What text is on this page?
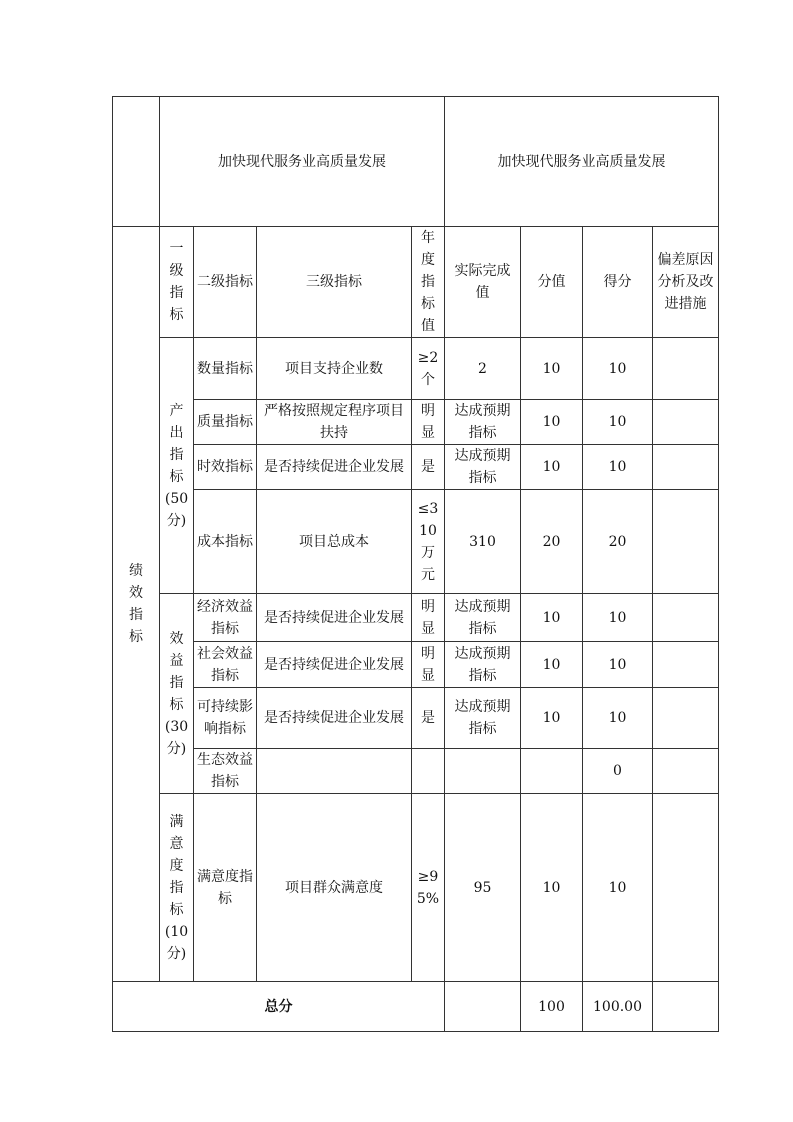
	加快现代服务业高质量发展				加快现代服务业高质量发展			

绩效指标	一级指标	二级指标	三级指标	年度指标值	实际完成值	分值	得分	偏差原因分析及改进措施
	产出指标(50分)	数量指标	项目支持企业数	≥2个	2	10	10	
		质量指标	严格按照规定程序项目扶持	明显	达成预期指标	10	10	
		时效指标	是否持续促进企业发展	是	达成预期指标	10	10	
		成本指标	项目总成本	≤310万元	310	20	20	
	效益指标(30分)	经济效益指标	是否持续促进企业发展	明显	达成预期指标	10	10	
		社会效益指标	是否持续促进企业发展	明显	达成预期指标	10	10	
		可持续影响指标	是否持续促进企业发展	是	达成预期指标	10	10	
		生态效益指标					0	
	满意度指标(10分)	满意度指标	项目群众满意度	≥95%	95	10	10	
总分						100	100.00	
